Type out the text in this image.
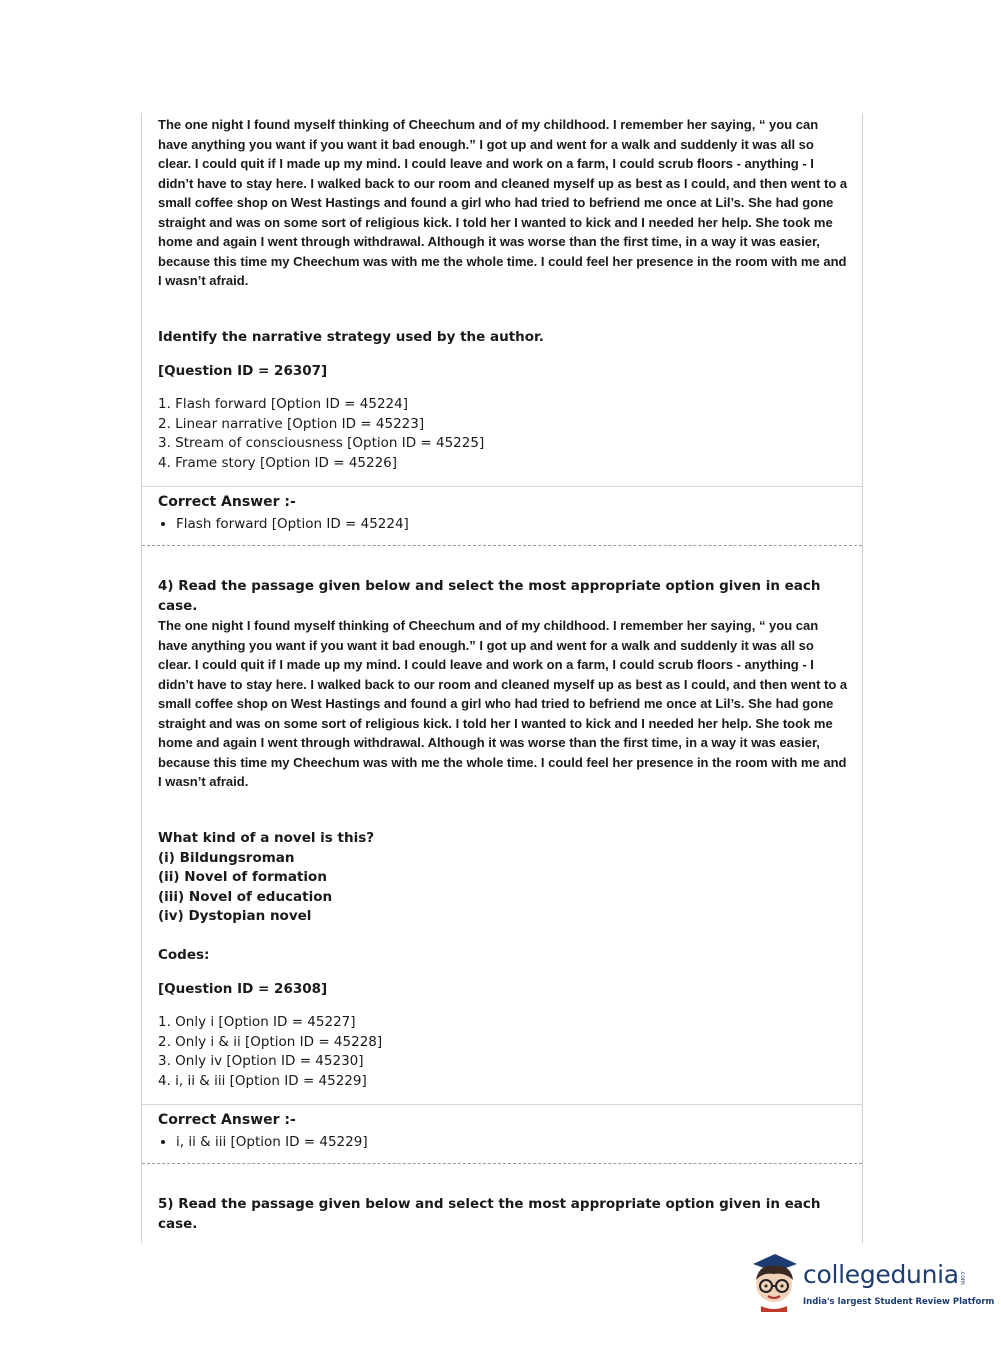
The one night I found myself thinking of Cheechum and of my childhood. I remember her saying, “ you can have anything you want if you want it bad enough.” I got up and went for a walk and suddenly it was all so clear. I could quit if I made up my mind. I could leave and work on a farm, I could scrub floors - anything - I didn’t have to stay here. I walked back to our room and cleaned myself up as best as I could, and then went to a small coffee shop on West Hastings and found a girl who had tried to befriend me once at Lil’s. She had gone straight and was on some sort of religious kick. I told her I wanted to kick and I needed her help. She took me home and again I went through withdrawal. Although it was worse than the first time, in a way it was easier, because this time my Cheechum was with me the whole time. I could feel her presence in the room with me and I wasn’t afraid.

Identify the narrative strategy used by the author.

[Question ID = 26307]

1. Flash forward [Option ID = 45224]
2. Linear narrative [Option ID = 45223]
3. Stream of consciousness [Option ID = 45225]
4. Frame story [Option ID = 45226]

Correct Answer :-

• Flash forward [Option ID = 45224]

4) Read the passage given below and select the most appropriate option given in each case.

The one night I found myself thinking of Cheechum and of my childhood. I remember her saying, “ you can have anything you want if you want it bad enough.” I got up and went for a walk and suddenly it was all so clear. I could quit if I made up my mind. I could leave and work on a farm, I could scrub floors - anything - I didn’t have to stay here. I walked back to our room and cleaned myself up as best as I could, and then went to a small coffee shop on West Hastings and found a girl who had tried to befriend me once at Lil’s. She had gone straight and was on some sort of religious kick. I told her I wanted to kick and I needed her help. She took me home and again I went through withdrawal. Although it was worse than the first time, in a way it was easier, because this time my Cheechum was with me the whole time. I could feel her presence in the room with me and I wasn’t afraid.

What kind of a novel is this?

(i) Bildungsroman

(ii) Novel of formation

(iii) Novel of education

(iv) Dystopian novel

Codes:

[Question ID = 26308]

1. Only i [Option ID = 45227]
2. Only i & ii [Option ID = 45228]
3. Only iv [Option ID = 45230]
4. i, ii & iii [Option ID = 45229]

Correct Answer :-

• i, ii & iii [Option ID = 45229]

5) Read the passage given below and select the most appropriate option given in each case.

collegedunia .com
India's largest Student Review Platform
